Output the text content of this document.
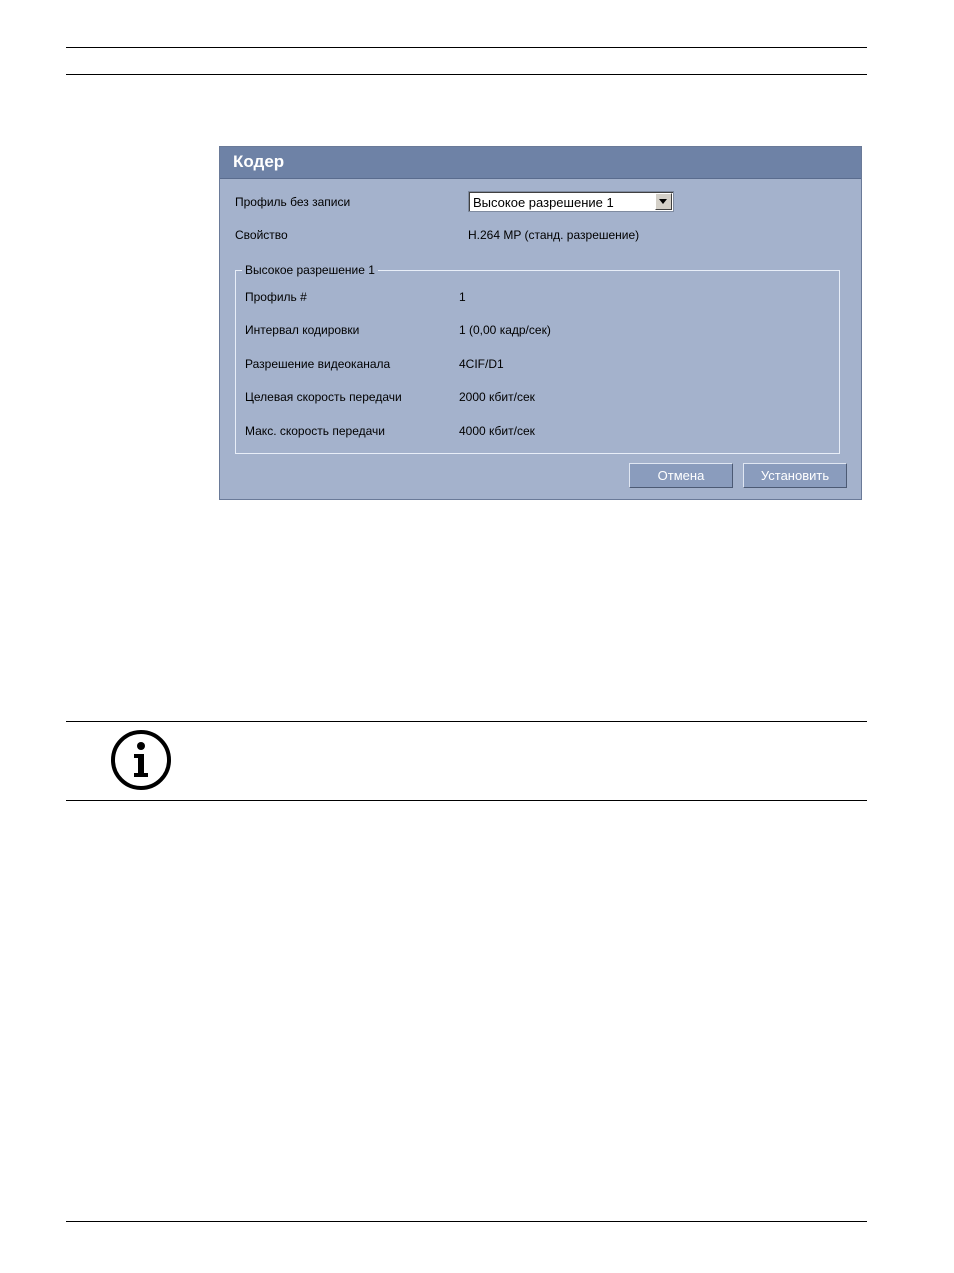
Кодер
Профиль без записи	Высокое разрешение 1
Свойство	H.264 MP (станд. разрешение)
Высокое разрешение 1
Профиль #	1
Интервал кодировки	1 (0,00 кадр/сек)
Разрешение видеоканала	4CIF/D1
Целевая скорость передачи	2000 кбит/сек
Макс. скорость передачи	4000 кбит/сек
Отмена	Установить
